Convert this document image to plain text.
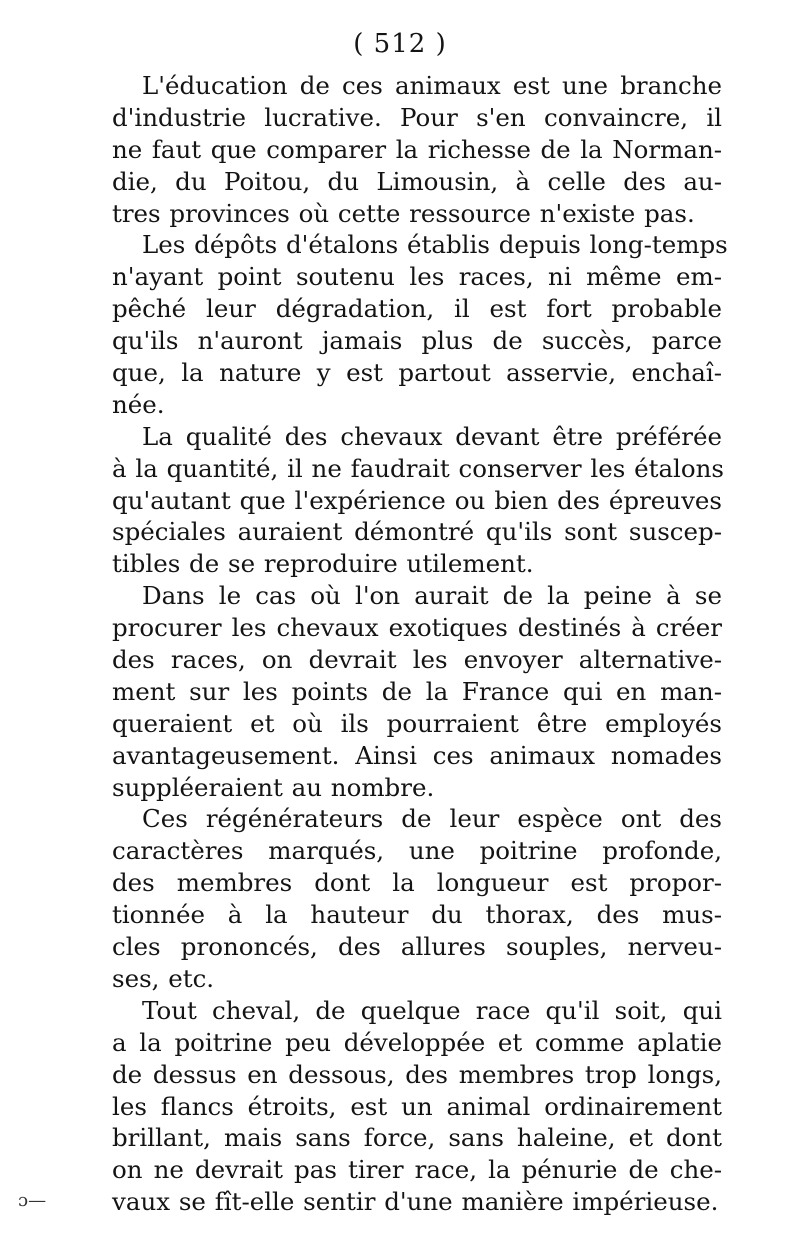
( 512 )
L'éducation de ces animaux est une branche
d'industrie lucrative. Pour s'en convaincre, il
ne faut que comparer la richesse de la Norman-
die, du Poitou, du Limousin, à celle des au-
tres provinces où cette ressource n'existe pas.
Les dépôts d'étalons établis depuis long-temps
n'ayant point soutenu les races, ni même em-
pêché leur dégradation, il est fort probable
qu'ils n'auront jamais plus de succès, parce
que, la nature y est partout asservie, enchaî-
née.
La qualité des chevaux devant être préférée
à la quantité, il ne faudrait conserver les étalons
qu'autant que l'expérience ou bien des épreuves
spéciales auraient démontré qu'ils sont suscep-
tibles de se reproduire utilement.
Dans le cas où l'on aurait de la peine à se
procurer les chevaux exotiques destinés à créer
des races, on devrait les envoyer alternative-
ment sur les points de la France qui en man-
queraient et où ils pourraient être employés
avantageusement. Ainsi ces animaux nomades
suppléeraient au nombre.
Ces régénérateurs de leur espèce ont des
caractères marqués, une poitrine profonde,
des membres dont la longueur est propor-
tionnée à la hauteur du thorax, des mus-
cles prononcés, des allures souples, nerveu-
ses, etc.
Tout cheval, de quelque race qu'il soit, qui
a la poitrine peu développée et comme aplatie
de dessus en dessous, des membres trop longs,
les flancs étroits, est un animal ordinairement
brillant, mais sans force, sans haleine, et dont
on ne devrait pas tirer race, la pénurie de che-
vaux se fît-elle sentir d'une manière impérieuse.
ɔ—
